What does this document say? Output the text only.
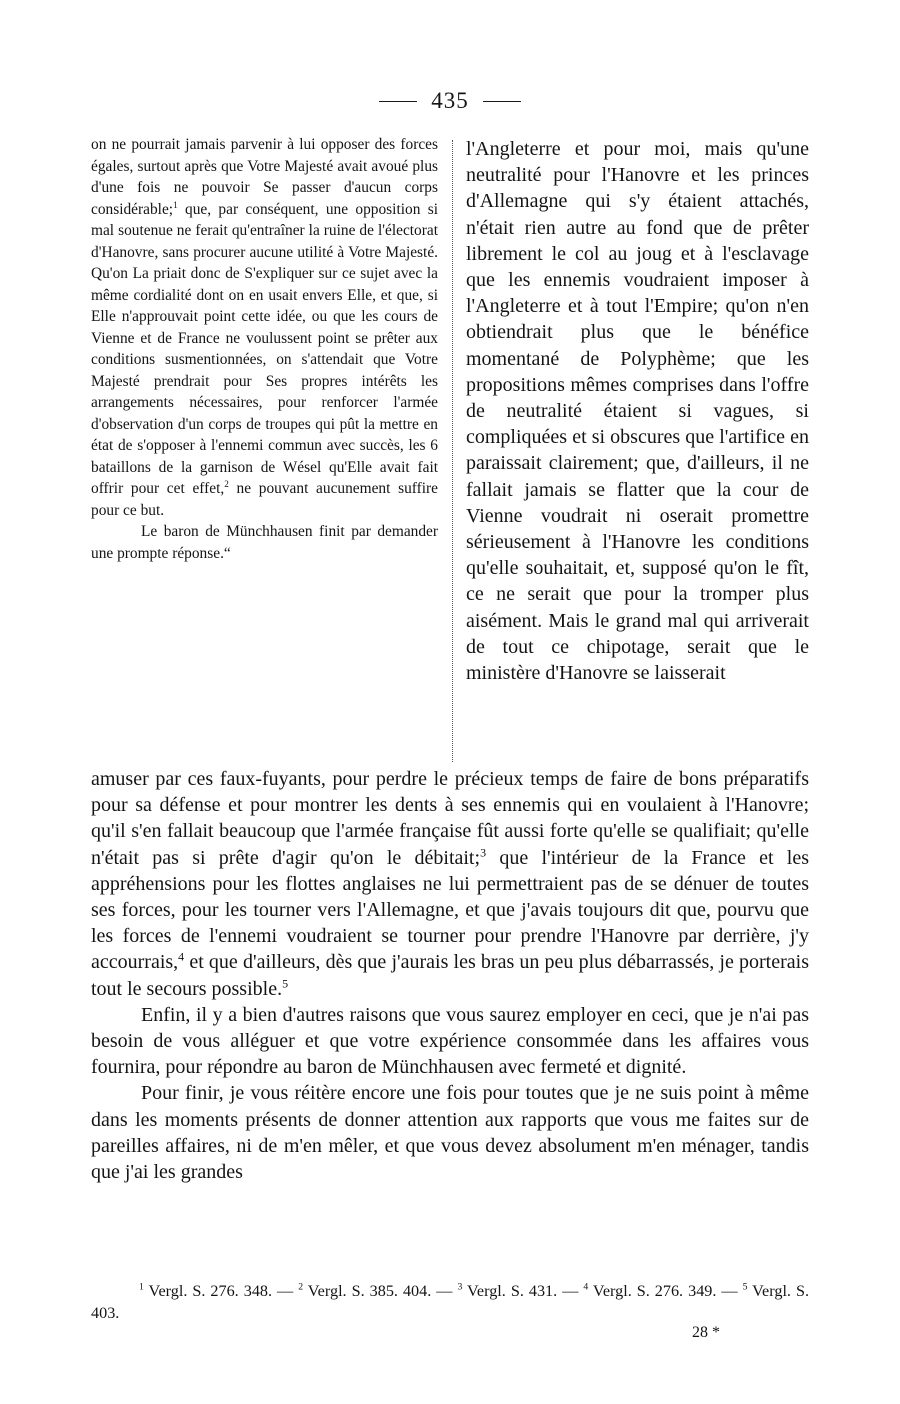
435

on ne pourrait jamais parvenir à lui opposer des forces égales, surtout après que Votre Majesté avait avoué plus d'une fois ne pouvoir Se passer d'aucun corps considérable;$^1$ que, par conséquent, une opposition si mal soutenue ne ferait qu'entraîner la ruine de l'électorat d'Hanovre, sans procurer aucune utilité à Votre Majesté. Qu'on La priait donc de S'expliquer sur ce sujet avec la même cordialité dont on en usait envers Elle, et que, si Elle n'approuvait point cette idée, ou que les cours de Vienne et de France ne voulussent point se prêter aux conditions susmentionnées, on s'attendait que Votre Majesté prendrait pour Ses propres intérêts les arrangements nécessaires, pour renforcer l'armée d'observation d'un corps de troupes qui pût la mettre en état de s'opposer à l'ennemi commun avec succès, les 6 bataillons de la garnison de Wésel qu'Elle avait fait offrir pour cet effet,$^2$ ne pouvant aucunement suffire pour ce but.

Le baron de Münchhausen finit par demander une prompte réponse.“

l'Angleterre et pour moi, mais qu'une neutralité pour l'Hanovre et les princes d'Allemagne qui s'y étaient attachés, n'était rien autre au fond que de prêter librement le col au joug et à l'esclavage que les ennemis voudraient imposer à l'Angleterre et à tout l'Empire; qu'on n'en obtiendrait plus que le bénéfice momentané de Polyphème; que les propositions mêmes comprises dans l'offre de neutralité étaient si vagues, si compliquées et si obscures que l'artifice en paraissait clairement; que, d'ailleurs, il ne fallait jamais se flatter que la cour de Vienne voudrait ni oserait promettre sérieusement à l'Hanovre les conditions qu'elle souhaitait, et, supposé qu'on le fît, ce ne serait que pour la tromper plus aisément. Mais le grand mal qui arriverait de tout ce chipotage, serait que le ministère d'Hanovre se laisserait

amuser par ces faux-fuyants, pour perdre le précieux temps de faire de bons préparatifs pour sa défense et pour montrer les dents à ses ennemis qui en voulaient à l'Hanovre; qu'il s'en fallait beaucoup que l'armée française fût aussi forte qu'elle se qualifiait; qu'elle n'était pas si prête d'agir qu'on le débitait;$^3$ que l'intérieur de la France et les appréhensions pour les flottes anglaises ne lui permettraient pas de se dénuer de toutes ses forces, pour les tourner vers l'Allemagne, et que j'avais toujours dit que, pourvu que les forces de l'ennemi voudraient se tourner pour prendre l'Hanovre par derrière, j'y accourrais,$^4$ et que d'ailleurs, dès que j'aurais les bras un peu plus débarrassés, je porterais tout le secours possible.$^5$

Enfin, il y a bien d'autres raisons que vous saurez employer en ceci, que je n'ai pas besoin de vous alléguer et que votre expérience consommée dans les affaires vous fournira, pour répondre au baron de Münchhausen avec fermeté et dignité.

Pour finir, je vous réitère encore une fois pour toutes que je ne suis point à même dans les moments présents de donner attention aux rapports que vous me faites sur de pareilles affaires, ni de m'en mêler, et que vous devez absolument m'en ménager, tandis que j'ai les grandes

$^1$ Vergl. S. 276. 348. — $^2$ Vergl. S. 385. 404. — $^3$ Vergl. S. 431. — $^4$ Vergl. S. 276. 349. — $^5$ Vergl. S. 403.

28 *
